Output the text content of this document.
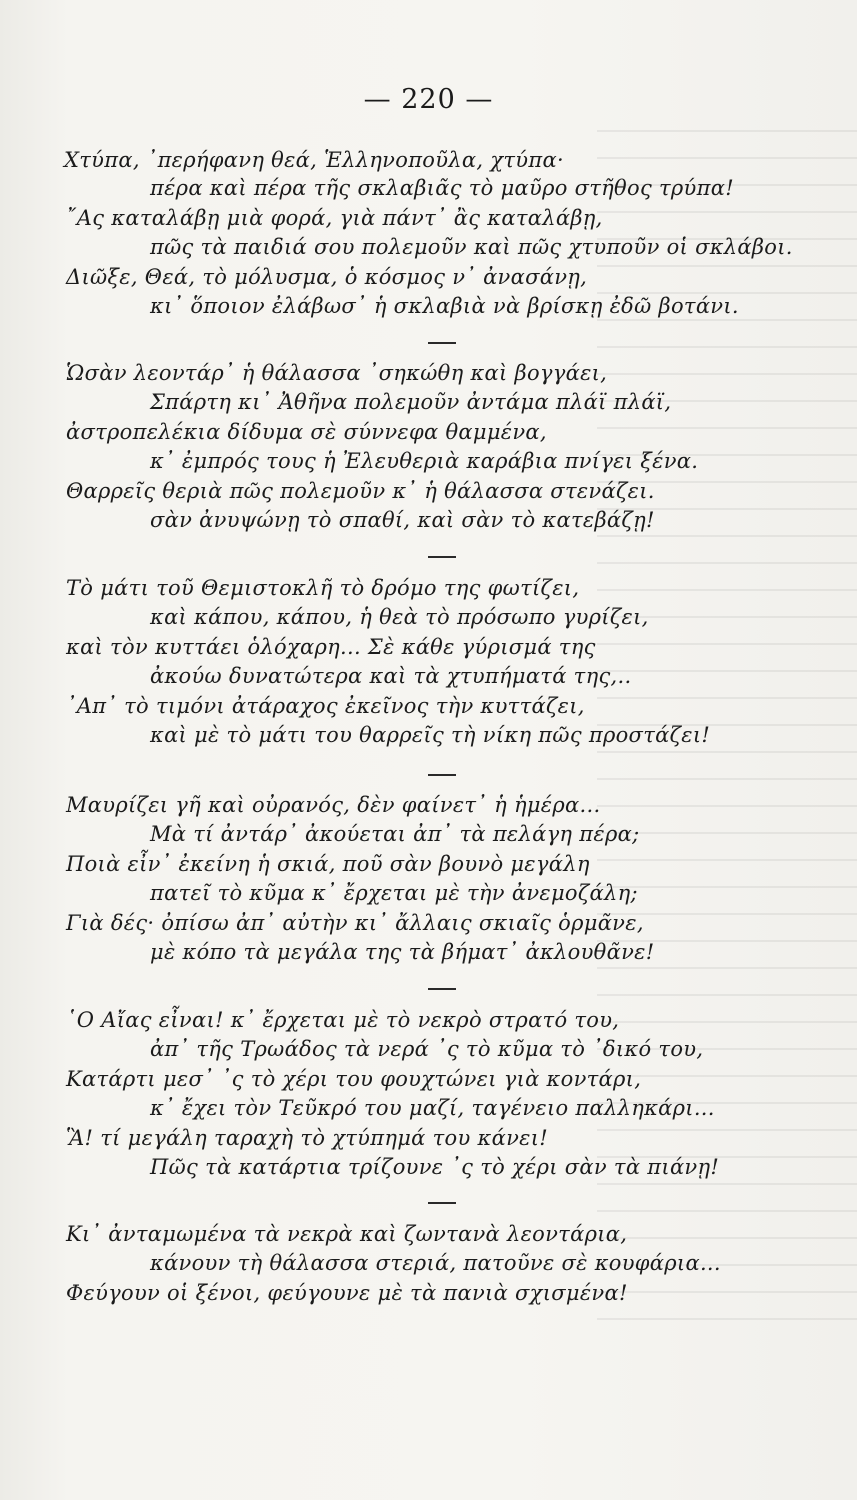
— 220 —
Χτύπα, ᾽περήφανη θεά, Ἑλληνοποῦλα, χτύπα·
πέρα καὶ πέρα τῆς σκλαβιᾶς τὸ μαῦρο στῆθος τρύπα!
῎Ας καταλάβῃ μιὰ φορά, γιὰ πάντ᾽ ἂς καταλάβῃ,
πῶς τὰ παιδιά σου πολεμοῦν καὶ πῶς χτυποῦν οἱ σκλάβοι.
Διῶξε, Θεά, τὸ μόλυσμα, ὁ κόσμος ν᾽ ἀνασάνῃ,
κι᾽ ὅποιον ἐλάβωσ᾽ ἡ σκλαβιὰ νὰ βρίσκῃ ἐδῶ βοτάνι.
Ὡσὰν λεοντάρ᾽ ἡ θάλασσα ᾽σηκώθη καὶ βογγάει,
Σπάρτη κι᾽ Ἀθῆνα πολεμοῦν ἀντάμα πλάϊ πλάϊ,
ἀστροπελέκια δίδυμα σὲ σύννεφα θαμμένα,
κ᾽ ἐμπρός τους ἡ Ἐλευθεριὰ καράβια πνίγει ξένα.
Θαρρεῖς θεριὰ πῶς πολεμοῦν κ᾽ ἡ θάλασσα στενάζει.
σὰν ἀνυψώνῃ τὸ σπαθί, καὶ σὰν τὸ κατεβάζῃ!
Τὸ μάτι τοῦ Θεμιστοκλῆ τὸ δρόμο της φωτίζει,
καὶ κάπου, κάπου, ἡ θεὰ τὸ πρόσωπο γυρίζει,
καὶ τὸν κυττάει ὁλόχαρη... Σὲ κάθε γύρισμά της
ἀκούω δυνατώτερα καὶ τὰ χτυπήματά της,..
᾽Απ᾽ τὸ τιμόνι ἀτάραχος ἐκεῖνος τὴν κυττάζει,
καὶ μὲ τὸ μάτι του θαρρεῖς τὴ νίκη πῶς προστάζει!
Μαυρίζει γῆ καὶ οὐρανός, δὲν φαίνετ᾽ ἡ ἡμέρα...
Μὰ τί ἀντάρ᾽ ἀκούεται ἀπ᾽ τὰ πελάγη πέρα;
Ποιὰ εἶν᾽ ἐκείνη ἡ σκιά, ποῦ σὰν βουνὸ μεγάλη
πατεῖ τὸ κῦμα κ᾽ ἔρχεται μὲ τὴν ἀνεμοζάλη;
Γιὰ δές· ὀπίσω ἀπ᾽ αὐτὴν κι᾽ ἄλλαις σκιαῖς ὁρμᾶνε,
μὲ κόπο τὰ μεγάλα της τὰ βήματ᾽ ἀκλουθᾶνε!
῾Ο Αἴας εἶναι! κ᾽ ἔρχεται μὲ τὸ νεκρὸ στρατό του,
ἀπ᾽ τῆς Τρωάδος τὰ νερά ᾽ς τὸ κῦμα τὸ ᾽δικό του,
Κατάρτι μεσ᾽ ᾽ς τὸ χέρι του φουχτώνει γιὰ κοντάρι,
κ᾽ ἔχει τὸν Τεῦκρό του μαζί, ταγένειο παλληκάρι...
Ἃ! τί μεγάλη ταραχὴ τὸ χτύπημά του κάνει!
Πῶς τὰ κατάρτια τρίζουνε ᾽ς τὸ χέρι σὰν τὰ πιάνῃ!
Κι᾽ ἀνταμωμένα τὰ νεκρὰ καὶ ζωντανὰ λεοντάρια,
κάνουν τὴ θάλασσα στεριά, πατοῦνε σὲ κουφάρια...
Φεύγουν οἱ ξένοι, φεύγουνε μὲ τὰ πανιὰ σχισμένα!
